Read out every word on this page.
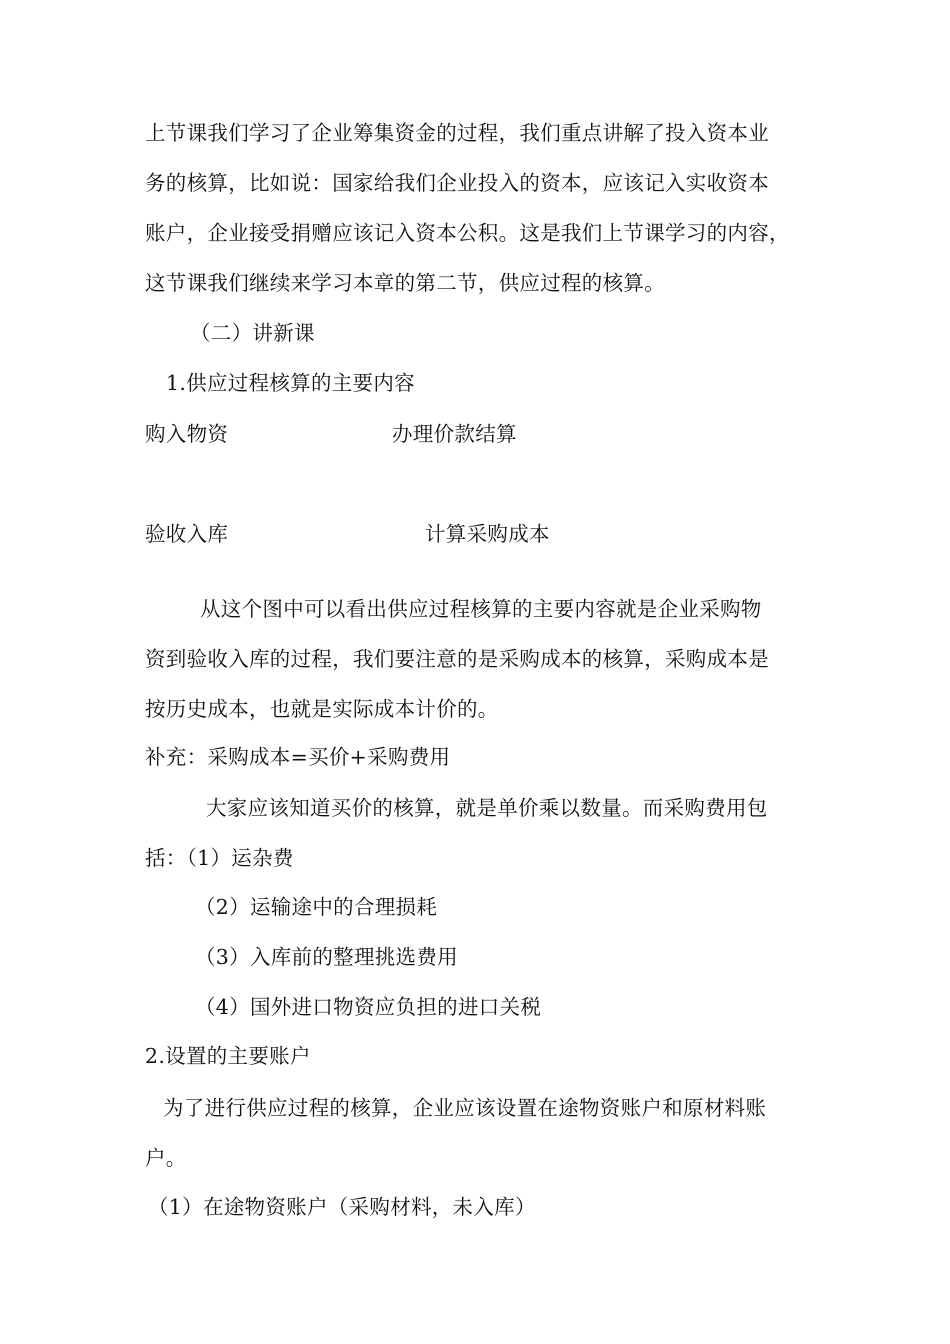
上节课我们学习了企业筹集资金的过程，我们重点讲解了投入资本业
务的核算，比如说：国家给我们企业投入的资本，应该记入实收资本
账户，企业接受捐赠应该记入资本公积。这是我们上节课学习的内容，
这节课我们继续来学习本章的第二节，供应过程的核算。
（二）讲新课
1.供应过程核算的主要内容
购入物资	办理价款结算
验收入库	计算采购成本
从这个图中可以看出供应过程核算的主要内容就是企业采购物
资到验收入库的过程，我们要注意的是采购成本的核算，采购成本是
按历史成本，也就是实际成本计价的。
补充：采购成本=买价+采购费用
大家应该知道买价的核算，就是单价乘以数量。而采购费用包
括：（1）运杂费
（2）运输途中的合理损耗
（3）入库前的整理挑选费用
（4）国外进口物资应负担的进口关税
2.设置的主要账户
为了进行供应过程的核算，企业应该设置在途物资账户和原材料账
户。
（1）在途物资账户（采购材料，未入库）
